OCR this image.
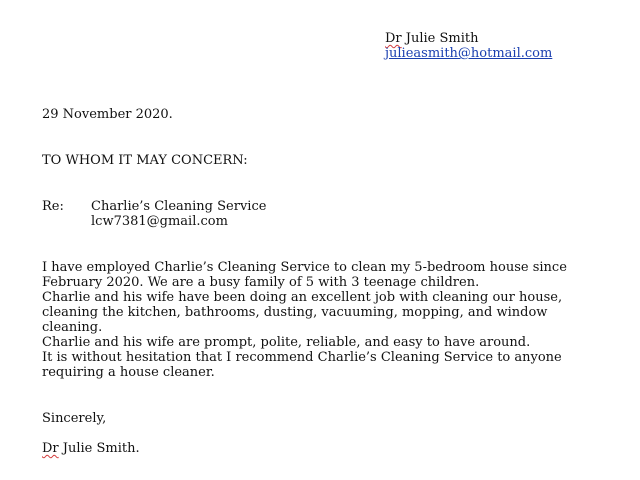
Dr Julie Smith
julieasmith@hotmail.com
29 November 2020.
TO WHOM IT MAY CONCERN:
Re: Charlie’s Cleaning Service
lcw7381@gmail.com
I have employed Charlie’s Cleaning Service to clean my 5-bedroom house since
February 2020. We are a busy family of 5 with 3 teenage children.
Charlie and his wife have been doing an excellent job with cleaning our house,
cleaning the kitchen, bathrooms, dusting, vacuuming, mopping, and window
cleaning.
Charlie and his wife are prompt, polite, reliable, and easy to have around.
It is without hesitation that I recommend Charlie’s Cleaning Service to anyone
requiring a house cleaner.
Sincerely,
Dr Julie Smith.
